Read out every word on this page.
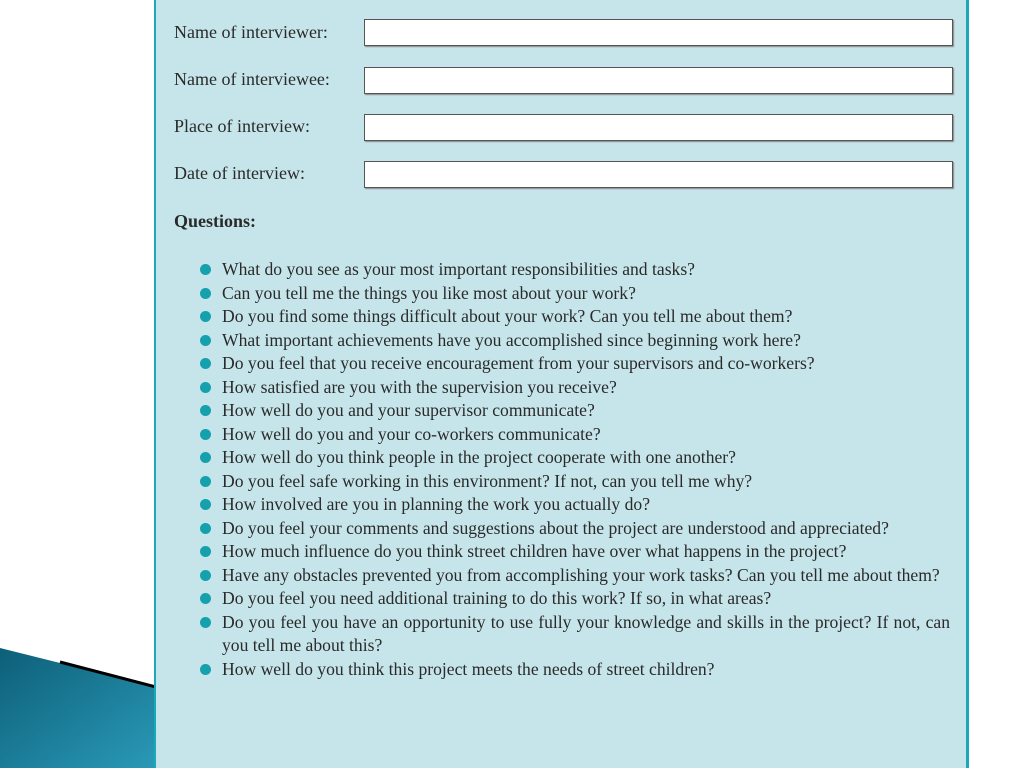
Name of interviewer:
Name of interviewee:
Place of interview:
Date of interview:
Questions:
What do you see as your most important responsibilities and tasks?
Can you tell me the things you like most about your work?
Do you find some things difficult about your work? Can you tell me about them?
What important achievements have you accomplished since beginning work here?
Do you feel that you receive encouragement from your supervisors and co-workers?
How satisfied are you with the supervision you receive?
How well do you and your supervisor communicate?
How well do you and your co-workers communicate?
How well do you think people in the project cooperate with one another?
Do you feel safe working in this environment? If not, can you tell me why?
How involved are you in planning the work you actually do?
Do you feel your comments and suggestions about the project are understood and appreciated?
How much influence do you think street children have over what happens in the project?
Have any obstacles prevented you from accomplishing your work tasks? Can you tell me about them?
Do you feel you need additional training to do this work? If so, in what areas?
Do you feel you have an opportunity to use fully your knowledge and skills in the project? If not, can you tell me about this?
How well do you think this project meets the needs of street children?
